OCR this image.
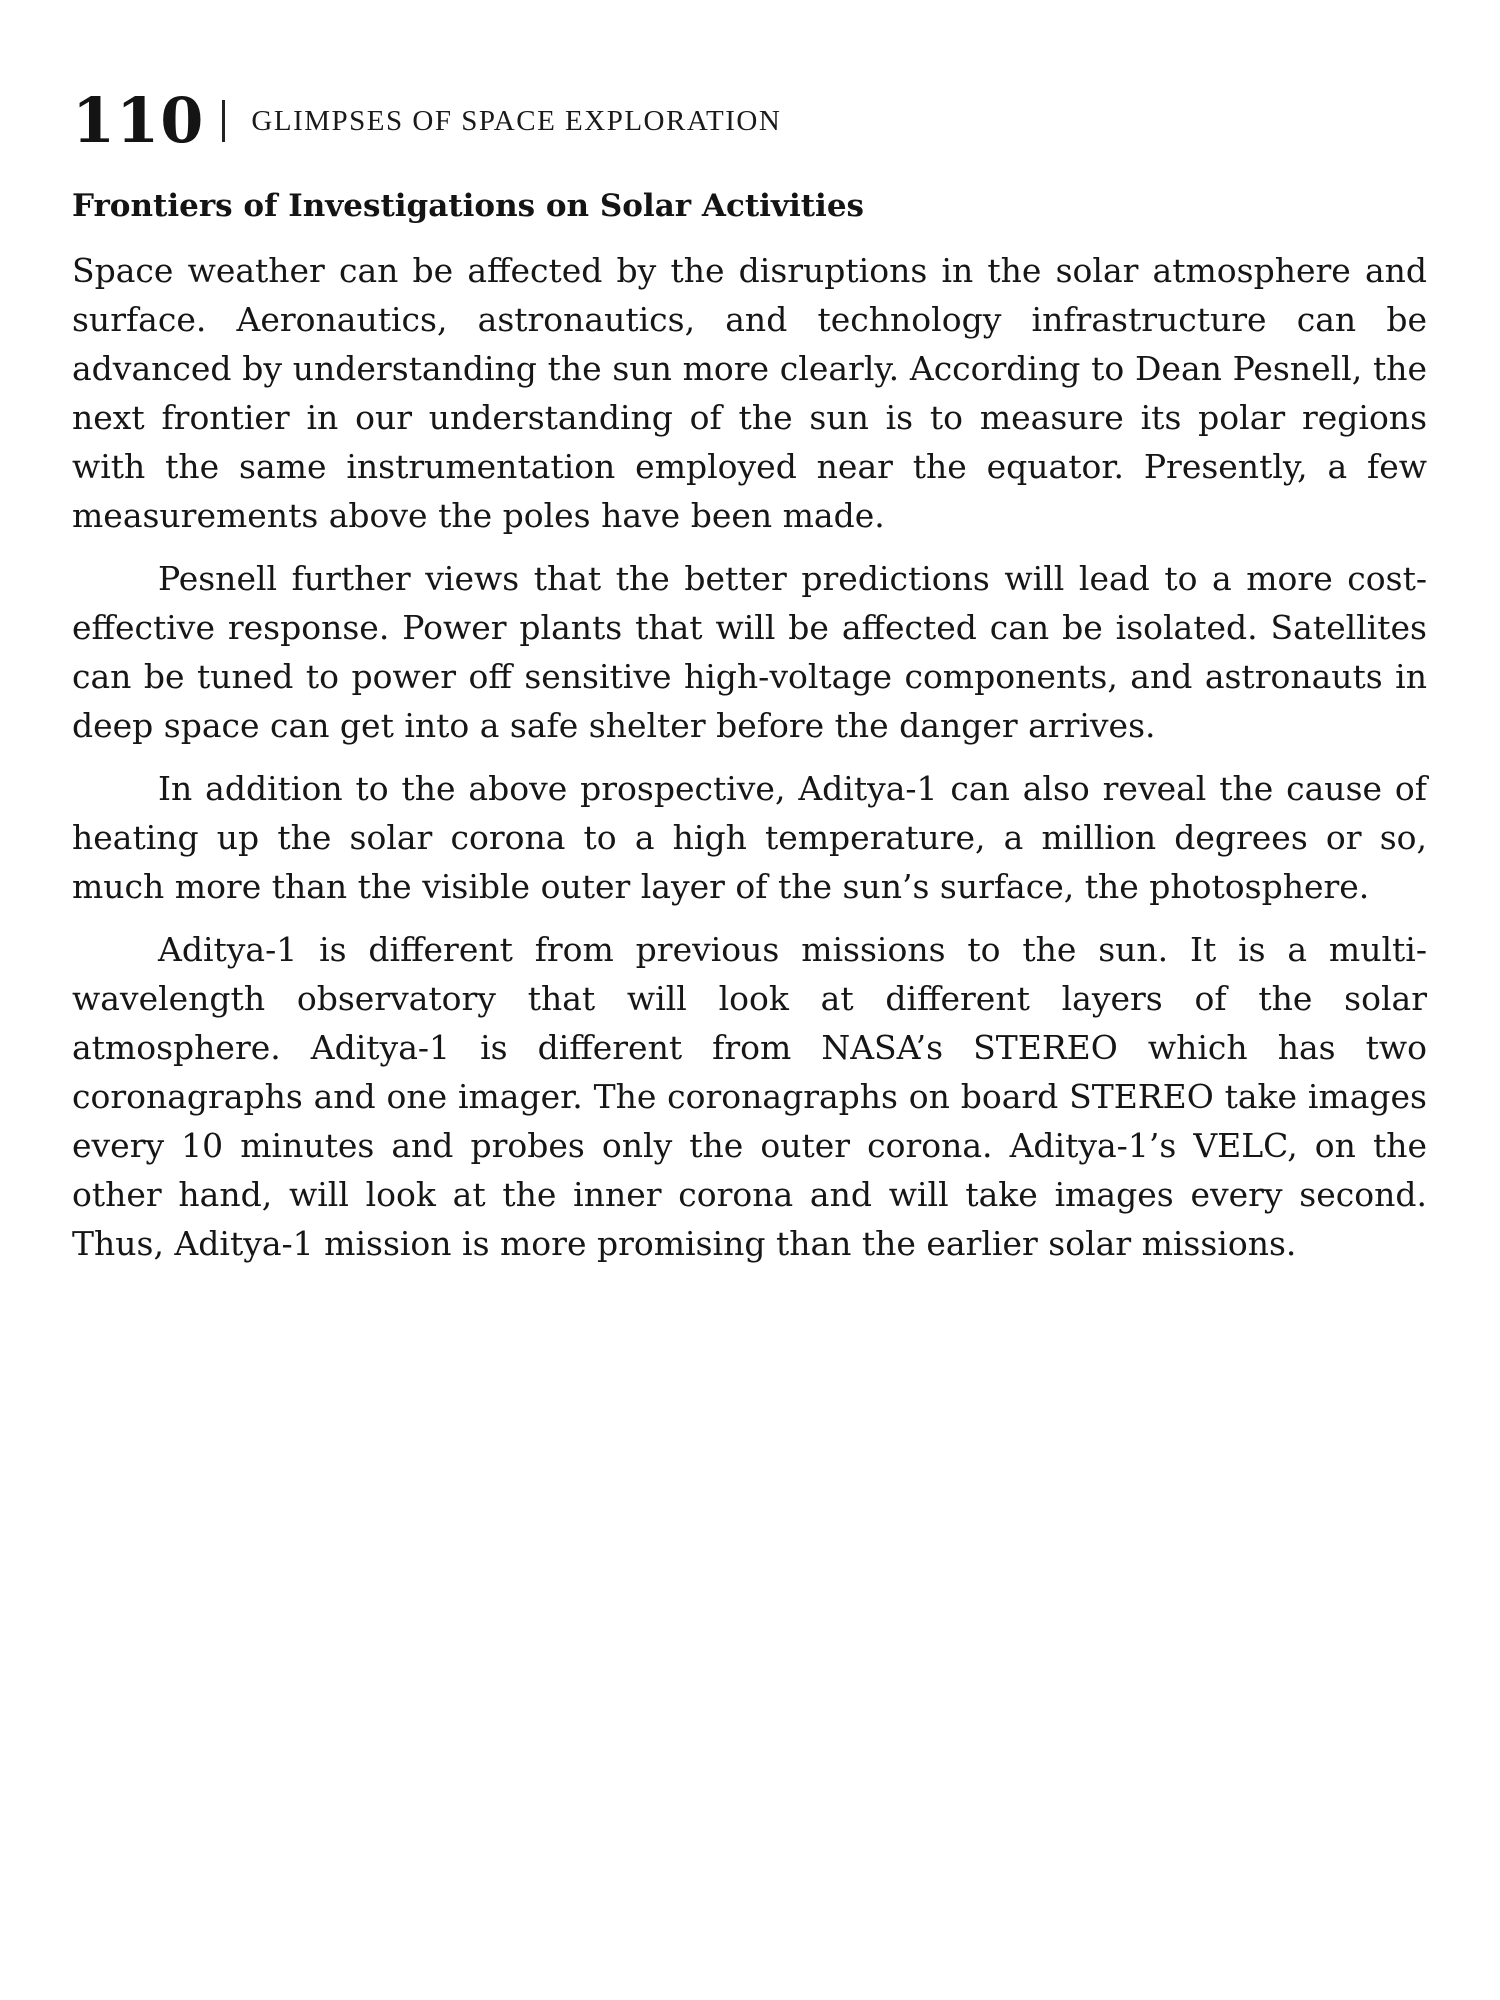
110 GLIMPSES OF SPACE EXPLORATION
Frontiers of Investigations on Solar Activities

Space weather can be affected by the disruptions in the solar atmosphere and surface. Aeronautics, astronautics, and technology infrastructure can be advanced by understanding the sun more clearly. According to Dean Pesnell, the next frontier in our understanding of the sun is to measure its polar regions with the same instrumentation employed near the equator. Presently, a few measurements above the poles have been made.

Pesnell further views that the better predictions will lead to a more cost-effective response. Power plants that will be affected can be isolated. Satellites can be tuned to power off sensitive high-voltage components, and astronauts in deep space can get into a safe shelter before the danger arrives.

In addition to the above prospective, Aditya-1 can also reveal the cause of heating up the solar corona to a high temperature, a million degrees or so, much more than the visible outer layer of the sun’s surface, the photosphere.

Aditya-1 is different from previous missions to the sun. It is a multi-wavelength observatory that will look at different layers of the solar atmosphere. Aditya-1 is different from NASA’s STEREO which has two coronagraphs and one imager. The coronagraphs on board STEREO take images every 10 minutes and probes only the outer corona. Aditya-1’s VELC, on the other hand, will look at the inner corona and will take images every second. Thus, Aditya-1 mission is more promising than the earlier solar missions.
